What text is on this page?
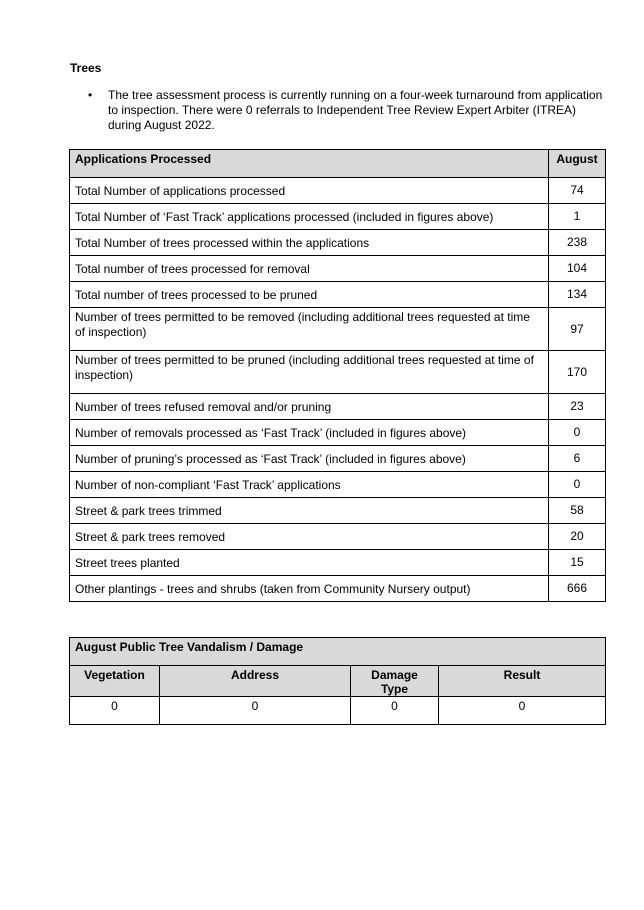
Trees
• The tree assessment process is currently running on a four-week turnaround from application to inspection. There were 0 referrals to Independent Tree Review Expert Arbiter (ITREA) during August 2022.
Applications Processed	August
Total Number of applications processed	74
Total Number of ‘Fast Track’ applications processed (included in figures above)	1
Total Number of trees processed within the applications	238
Total number of trees processed for removal	104
Total number of trees processed to be pruned	134
Number of trees permitted to be removed (including additional trees requested at time of inspection)	97
Number of trees permitted to be pruned (including additional trees requested at time of inspection)	170
Number of trees refused removal and/or pruning	23
Number of removals processed as ‘Fast Track’ (included in figures above)	0
Number of pruning’s processed as ‘Fast Track’ (included in figures above)	6
Number of non-compliant ‘Fast Track’ applications	0
Street & park trees trimmed	58
Street & park trees removed	20
Street trees planted	15
Other plantings - trees and shrubs (taken from Community Nursery output)	666
August Public Tree Vandalism / Damage			
Vegetation	Address	Damage Type	Result
0	0	0	0
